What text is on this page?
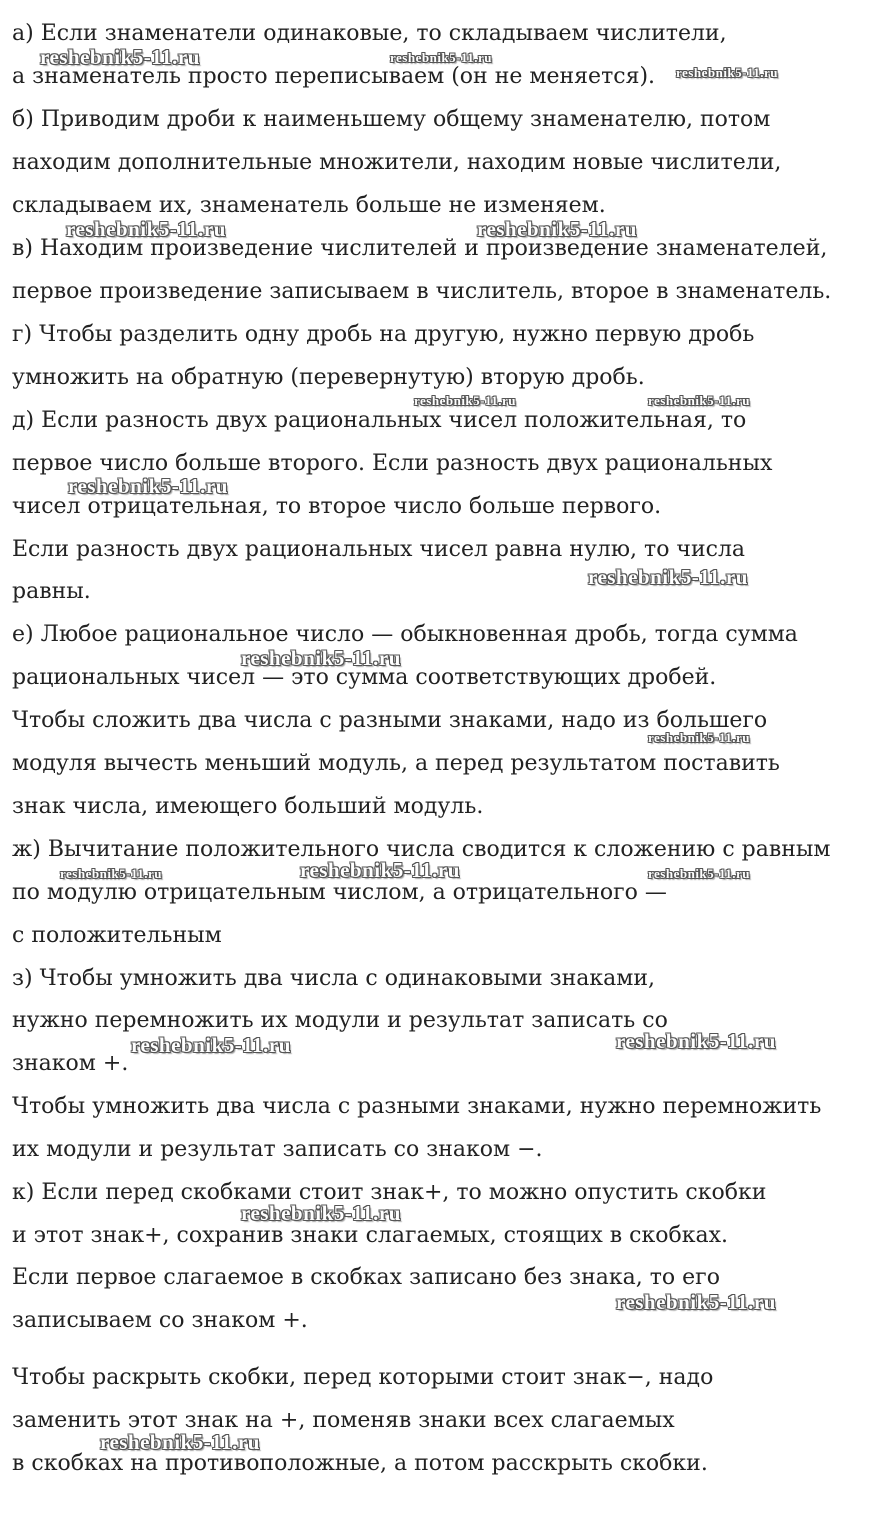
а) Если знаменатели одинаковые, то складываем числители,
а знаменатель просто переписываем (он не меняется).
б) Приводим дроби к наименьшему общему знаменателю, потом
находим дополнительные множители, находим новые числители,
складываем их, знаменатель больше не изменяем.
в) Находим произведение числителей и произведение знаменателей,
первое произведение записываем в числитель, второе в знаменатель.
г) Чтобы разделить одну дробь на другую, нужно первую дробь
умножить на обратную (перевернутую) вторую дробь.
д) Если разность двух рациональных чисел положительная, то
первое число больше второго. Если разность двух рациональных
чисел отрицательная, то второе число больше первого.
Если разность двух рациональных чисел равна нулю, то числа
равны.
е) Любое рациональное число — обыкновенная дробь, тогда сумма
рациональных чисел — это сумма соответствующих дробей.
Чтобы сложить два числа с разными знаками, надо из большего
модуля вычесть меньший модуль, а перед результатом поставить
знак числа, имеющего больший модуль.
ж) Вычитание положительного числа сводится к сложению с равным
по модулю отрицательным числом, а отрицательного —
с положительным
з) Чтобы умножить два числа с одинаковыми знаками,
нужно перемножить их модули и результат записать со
знаком +.
Чтобы умножить два числа с разными знаками, нужно перемножить
их модули и результат записать со знаком −.
к) Если перед скобками стоит знак+, то можно опустить скобки
и этот знак+, сохранив знаки слагаемых, стоящих в скобках.
Если первое слагаемое в скобках записано без знака, то его
записываем со знаком +.
Чтобы раскрыть скобки, перед которыми стоит знак−, надо
заменить этот знак на +, поменяв знаки всех слагаемых
в скобках на противоположные, а потом расскрыть скобки.
reshebnik5-11.ru	reshebnik5-11.ru
reshebnik5-11.ru
reshebnik5-11.ru	reshebnik5-11.ru
reshebnik5-11.ru	reshebnik5-11.ru
reshebnik5-11.ru
reshebnik5-11.ru
reshebnik5-11.ru
reshebnik5-11.ru
reshebnik5-11.ru
reshebnik5-11.ru	reshebnik5-11.ru
reshebnik5-11.ru	reshebnik5-11.ru
reshebnik5-11.ru
reshebnik5-11.ru
reshebnik5-11.ru
